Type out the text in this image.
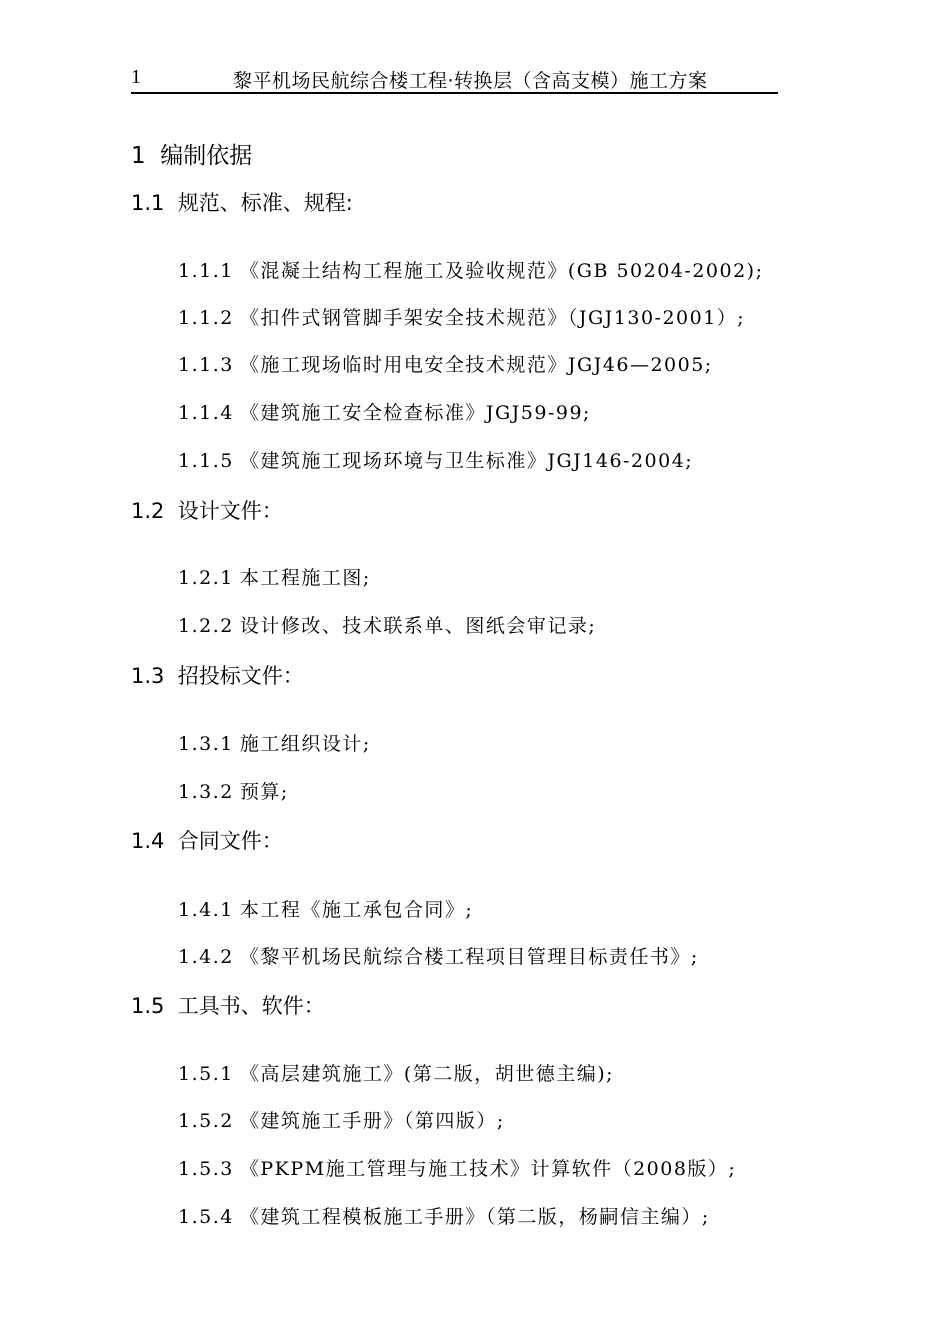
1	黎平机场民航综合楼工程·转换层（含高支模）施工方案
1 编制依据
1.1 规范、标准、规程:
1.1.1 《混凝土结构工程施工及验收规范》(GB 50204-2002);
1.1.2 《扣件式钢管脚手架安全技术规范》（JGJ130-2001）;
1.1.3 《施工现场临时用电安全技术规范》JGJ46—2005;
1.1.4 《建筑施工安全检查标准》JGJ59-99;
1.1.5 《建筑施工现场环境与卫生标准》JGJ146-2004;
1.2 设计文件：
1.2.1 本工程施工图;
1.2.2 设计修改、技术联系单、图纸会审记录;
1.3 招投标文件：
1.3.1 施工组织设计;
1.3.2 预算;
1.4 合同文件：
1.4.1 本工程《施工承包合同》;
1.4.2 《黎平机场民航综合楼工程项目管理目标责任书》;
1.5 工具书、软件：
1.5.1 《高层建筑施工》(第二版，胡世德主编);
1.5.2 《建筑施工手册》（第四版）;
1.5.3 《PKPM施工管理与施工技术》计算软件（2008版）;
1.5.4 《建筑工程模板施工手册》（第二版，杨嗣信主编）;
